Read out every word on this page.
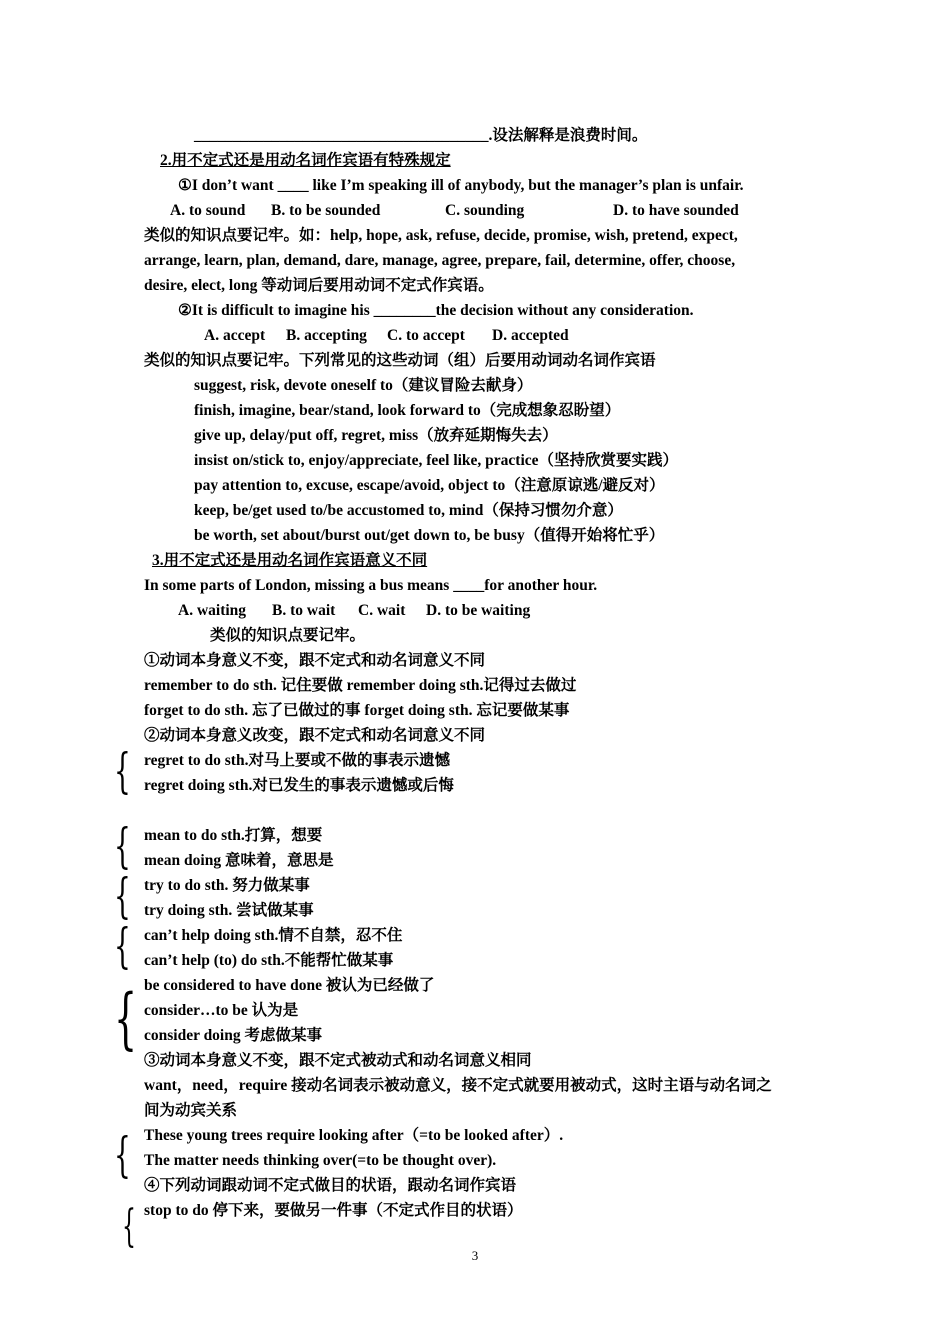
______________________________________.设法解释是浪费时间。
2.用不定式还是用动名词作宾语有特殊规定
①I don’t want ____ like I’m speaking ill of anybody, but the manager’s plan is unfair.
A. to sound B. to be sounded	C. sounding	D. to have sounded
类似的知识点要记牢。如：help, hope, ask, refuse, decide, promise, wish, pretend, expect,
arrange, learn, plan, demand, dare, manage, agree, prepare, fail, determine, offer, choose,
desire, elect, long 等动词后要用动词不定式作宾语。
②It is difficult to imagine his ________the decision without any consideration.
A. accept B. accepting C. to accept D. accepted
类似的知识点要记牢。下列常见的这些动词（组）后要用动词动名词作宾语
suggest, risk, devote oneself to（建议冒险去献身）
finish, imagine, bear/stand, look forward to（完成想象忍盼望）
give up, delay/put off, regret, miss（放弃延期悔失去）
insist on/stick to, enjoy/appreciate, feel like, practice（坚持欣赏要实践）
pay attention to, excuse, escape/avoid, object to（注意原谅逃/避反对）
keep, be/get used to/be accustomed to, mind（保持习惯勿介意）
be worth, set about/burst out/get down to, be busy（值得开始将忙乎）
3.用不定式还是用动名词作宾语意义不同
In some parts of London, missing a bus means ____for another hour.
A. waiting B. to wait C. wait D. to be waiting
类似的知识点要记牢。
①动词本身意义不变，跟不定式和动名词意义不同
remember to do sth. 记住要做 remember doing sth.记得过去做过
forget to do sth. 忘了已做过的事 forget doing sth. 忘记要做某事
②动词本身意义改变，跟不定式和动名词意义不同
{ regret to do sth.对马上要或不做的事表示遗憾
regret doing sth.对已发生的事表示遗憾或后悔
{ mean to do sth.打算，想要
mean doing 意味着，意思是
{ try to do sth. 努力做某事
try doing sth. 尝试做某事
{ can’t help doing sth.情不自禁，忍不住
can’t help (to) do sth.不能帮忙做某事
{ be considered to have done 被认为已经做了
consider…to be 认为是
consider doing 考虑做某事
③动词本身意义不变，跟不定式被动式和动名词意义相同
want，need，require 接动名词表示被动意义，接不定式就要用被动式，这时主语与动名词之
间为动宾关系
{ These young trees require looking after（=to be looked after）.
The matter needs thinking over(=to be thought over).
④下列动词跟动词不定式做目的状语，跟动名词作宾语
stop to do 停下来，要做另一件事（不定式作目的状语）
{
3
